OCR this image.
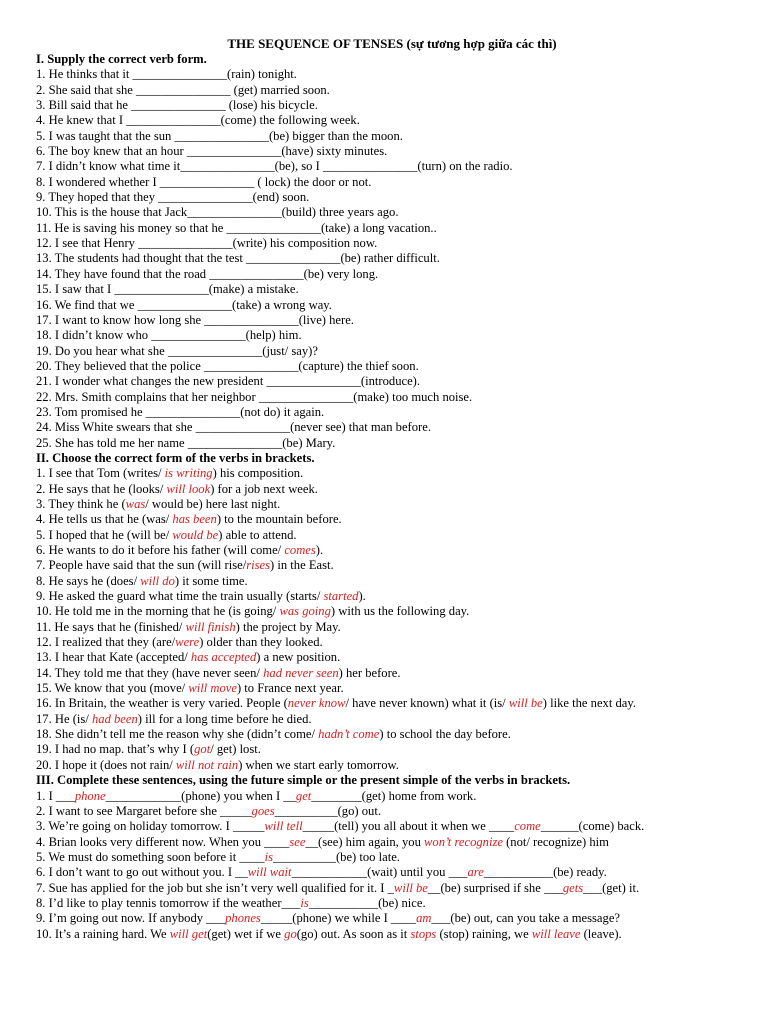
THE SEQUENCE OF TENSES (sự tương hợp giữa các thì)
I. Supply the correct verb form.
1. He thinks that it _______________(rain) tonight.
2. She said that she _______________ (get) married soon.
3. Bill said that he _______________ (lose) his bicycle.
4. He knew that I _______________(come) the following week.
5. I was taught that the sun _______________(be) bigger than the moon.
6. The boy knew that an hour _______________(have) sixty minutes.
7. I didn’t know what time it_______________(be), so I _______________(turn) on the radio.
8. I wondered whether I _______________ ( lock) the door or not.
9. They hoped that they _______________(end) soon.
10. This is the house that Jack_______________(build) three years ago.
11. He is saving his money so that he _______________(take) a long vacation..
12. I see that Henry _______________(write) his composition now.
13. The students had thought that the test _______________(be) rather difficult.
14. They have found that the road _______________(be) very long.
15. I saw that I _______________(make) a mistake.
16. We find that we _______________(take) a wrong way.
17. I want to know how long she _______________(live) here.
18. I didn’t know who _______________(help) him.
19. Do you hear what she _______________(just/ say)?
20. They believed that the police _______________(capture) the thief soon.
21. I wonder what changes the new president _______________(introduce).
22. Mrs. Smith complains that her neighbor _______________(make) too much noise.
23. Tom promised he _______________(not do) it again.
24. Miss White swears that she _______________(never see) that man before.
25. She has told me her name _______________(be) Mary.
II. Choose the correct form of the verbs in brackets.
1. I see that Tom (writes/ is writing) his composition.
2. He says that he (looks/ will look) for a job next week.
3. They think he (was/ would be) here last night.
4. He tells us that he (was/ has been) to the mountain before.
5. I hoped that he (will be/ would be) able to attend.
6. He wants to do it before his father (will come/ comes).
7. People have said that the sun (will rise/rises) in the East.
8. He says he (does/ will do) it some time.
9. He asked the guard what time the train usually (starts/ started).
10. He told me in the morning that he (is going/ was going) with us the following day.
11. He says that he (finished/ will finish) the project by May.
12. I realized that they (are/were) older than they looked.
13. I hear that Kate (accepted/ has accepted) a new position.
14. They told me that they (have never seen/ had never seen) her before.
15. We know that you (move/ will move) to France next year.
16. In Britain, the weather is very varied. People (never know/ have never known) what it (is/ will be) like the next day.
17. He (is/ had been) ill for a long time before he died.
18. She didn’t tell me the reason why she (didn’t come/ hadn’t come) to school the day before.
19. I had no map. that’s why I (got/ get) lost.
20. I hope it (does not rain/ will not rain) when we start early tomorrow.
III. Complete these sentences, using the future simple or the present simple of the verbs in brackets.
1. I ___phone____________(phone) you when I __get________(get) home from work.
2. I want to see Margaret before she _____goes__________(go) out.
3. We’re going on holiday tomorrow. I _____will tell_____(tell) you all about it when we ____come______(come) back.
4. Brian looks very different now. When you ____see__(see) him again, you won’t recognize (not/ recognize) him
5. We must do something soon before it ____is__________(be) too late.
6. I don’t want to go out without you. I __will wait____________(wait) until you ___are___________(be) ready.
7. Sue has applied for the job but she isn’t very well qualified for it. I _will be__(be) surprised if she ___gets___(get) it.
8. I’d like to play tennis tomorrow if the weather___is___________(be) nice.
9. I’m going out now. If anybody ___phones_____(phone) we while I ____am___(be) out, can you take a message?
10. It’s a raining hard. We will get(get) wet if we go(go) out. As soon as it stops (stop) raining, we will leave (leave).
